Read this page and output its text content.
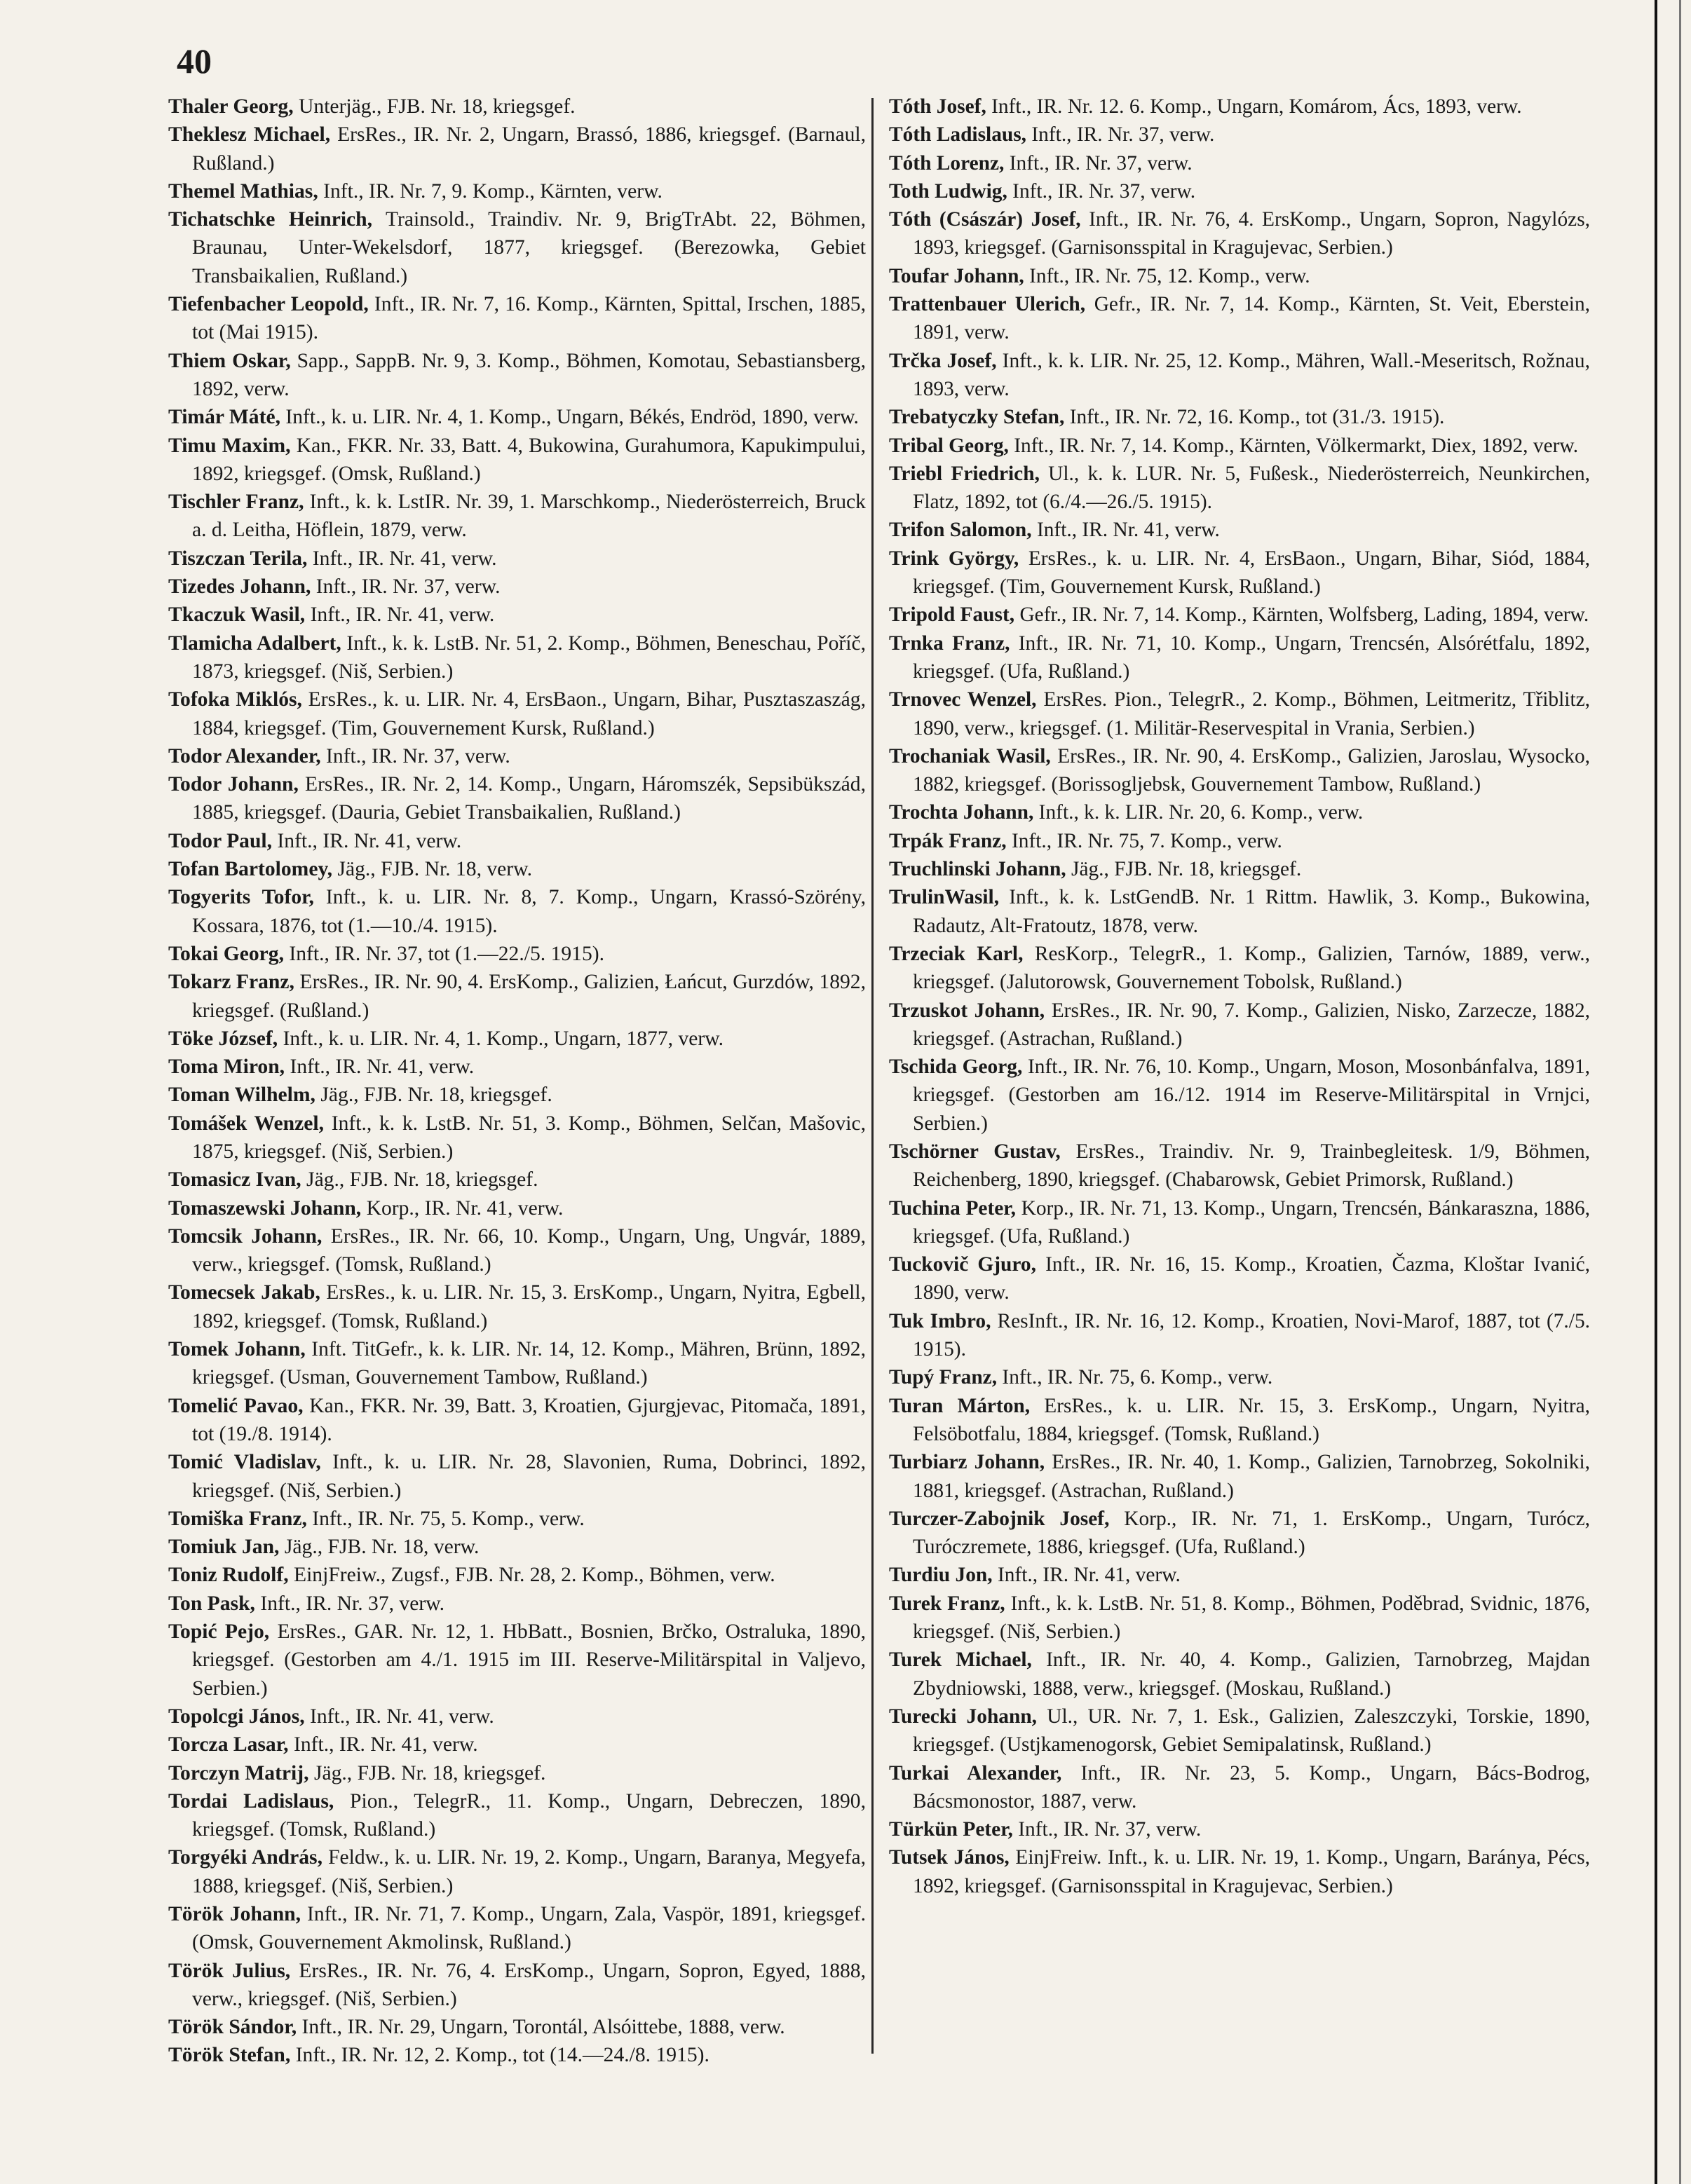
40
Thaler Georg, Unterjäg., FJB. Nr. 18, kriegsgef.
Theklesz Michael, ErsRes., IR. Nr. 2, Ungarn, Brassó, 1886, kriegsgef. (Barnaul, Rußland.)
Themel Mathias, Inft., IR. Nr. 7, 9. Komp., Kärnten, verw.
Tichatschke Heinrich, Trainsold., Traindiv. Nr. 9, BrigTrAbt. 22, Böhmen, Braunau, Unter-Wekelsdorf, 1877, kriegsgef. (Berezowka, Gebiet Transbaikalien, Rußland.)
Tiefenbacher Leopold, Inft., IR. Nr. 7, 16. Komp., Kärnten, Spittal, Irschen, 1885, tot (Mai 1915).
Thiem Oskar, Sapp., SappB. Nr. 9, 3. Komp., Böhmen, Komotau, Sebastiansberg, 1892, verw.
Timár Máté, Inft., k. u. LIR. Nr. 4, 1. Komp., Ungarn, Békés, Endröd, 1890, verw.
Timu Maxim, Kan., FKR. Nr. 33, Batt. 4, Bukowina, Gurahumora, Kapukimpului, 1892, kriegsgef. (Omsk, Rußland.)
Tischler Franz, Inft., k. k. LstIR. Nr. 39, 1. Marschkomp., Niederösterreich, Bruck a. d. Leitha, Höflein, 1879, verw.
Tiszczan Terila, Inft., IR. Nr. 41, verw.
Tizedes Johann, Inft., IR. Nr. 37, verw.
Tkaczuk Wasil, Inft., IR. Nr. 41, verw.
Tlamicha Adalbert, Inft., k. k. LstB. Nr. 51, 2. Komp., Böhmen, Beneschau, Poříč, 1873, kriegsgef. (Niš, Serbien.)
Tofoka Miklós, ErsRes., k. u. LIR. Nr. 4, ErsBaon., Ungarn, Bihar, Pusztaszaszág, 1884, kriegsgef. (Tim, Gouvernement Kursk, Rußland.)
Todor Alexander, Inft., IR. Nr. 37, verw.
Todor Johann, ErsRes., IR. Nr. 2, 14. Komp., Ungarn, Háromszék, Sepsibükszád, 1885, kriegsgef. (Dauria, Gebiet Transbaikalien, Rußland.)
Todor Paul, Inft., IR. Nr. 41, verw.
Tofan Bartolomey, Jäg., FJB. Nr. 18, verw.
Togyerits Tofor, Inft., k. u. LIR. Nr. 8, 7. Komp., Ungarn, Krassó-Szörény, Kossara, 1876, tot (1.—10./4. 1915).
Tokai Georg, Inft., IR. Nr. 37, tot (1.—22./5. 1915).
Tokarz Franz, ErsRes., IR. Nr. 90, 4. ErsKomp., Galizien, Łańcut, Gurzdów, 1892, kriegsgef. (Rußland.)
Töke József, Inft., k. u. LIR. Nr. 4, 1. Komp., Ungarn, 1877, verw.
Toma Miron, Inft., IR. Nr. 41, verw.
Toman Wilhelm, Jäg., FJB. Nr. 18, kriegsgef.
Tomášek Wenzel, Inft., k. k. LstB. Nr. 51, 3. Komp., Böhmen, Selčan, Mašovic, 1875, kriegsgef. (Niš, Serbien.)
Tomasicz Ivan, Jäg., FJB. Nr. 18, kriegsgef.
Tomaszewski Johann, Korp., IR. Nr. 41, verw.
Tomcsik Johann, ErsRes., IR. Nr. 66, 10. Komp., Ungarn, Ung, Ungvár, 1889, verw., kriegsgef. (Tomsk, Rußland.)
Tomecsek Jakab, ErsRes., k. u. LIR. Nr. 15, 3. ErsKomp., Ungarn, Nyitra, Egbell, 1892, kriegsgef. (Tomsk, Rußland.)
Tomek Johann, Inft. TitGefr., k. k. LIR. Nr. 14, 12. Komp., Mähren, Brünn, 1892, kriegsgef. (Usman, Gouvernement Tambow, Rußland.)
Tomelić Pavao, Kan., FKR. Nr. 39, Batt. 3, Kroatien, Gjurgjevac, Pitomača, 1891, tot (19./8. 1914).
Tomić Vladislav, Inft., k. u. LIR. Nr. 28, Slavonien, Ruma, Dobrinci, 1892, kriegsgef. (Niš, Serbien.)
Tomiška Franz, Inft., IR. Nr. 75, 5. Komp., verw.
Tomiuk Jan, Jäg., FJB. Nr. 18, verw.
Toniz Rudolf, EinjFreiw., Zugsf., FJB. Nr. 28, 2. Komp., Böhmen, verw.
Ton Pask, Inft., IR. Nr. 37, verw.
Topić Pejo, ErsRes., GAR. Nr. 12, 1. HbBatt., Bosnien, Brčko, Ostraluka, 1890, kriegsgef. (Gestorben am 4./1. 1915 im III. Reserve-Militärspital in Valjevo, Serbien.)
Topolcgi János, Inft., IR. Nr. 41, verw.
Torcza Lasar, Inft., IR. Nr. 41, verw.
Torczyn Matrij, Jäg., FJB. Nr. 18, kriegsgef.
Tordai Ladislaus, Pion., TelegrR., 11. Komp., Ungarn, Debreczen, 1890, kriegsgef. (Tomsk, Rußland.)
Torgyéki András, Feldw., k. u. LIR. Nr. 19, 2. Komp., Ungarn, Baranya, Megyefa, 1888, kriegsgef. (Niš, Serbien.)
Török Johann, Inft., IR. Nr. 71, 7. Komp., Ungarn, Zala, Vaspör, 1891, kriegsgef. (Omsk, Gouvernement Akmolinsk, Rußland.)
Török Julius, ErsRes., IR. Nr. 76, 4. ErsKomp., Ungarn, Sopron, Egyed, 1888, verw., kriegsgef. (Niš, Serbien.)
Török Sándor, Inft., IR. Nr. 29, Ungarn, Torontál, Alsóittebe, 1888, verw.
Török Stefan, Inft., IR. Nr. 12, 2. Komp., tot (14.—24./8. 1915).
Tóth Josef, Inft., IR. Nr. 12. 6. Komp., Ungarn, Komárom, Ács, 1893, verw.
Tóth Ladislaus, Inft., IR. Nr. 37, verw.
Tóth Lorenz, Inft., IR. Nr. 37, verw.
Toth Ludwig, Inft., IR. Nr. 37, verw.
Tóth (Császár) Josef, Inft., IR. Nr. 76, 4. ErsKomp., Ungarn, Sopron, Nagylózs, 1893, kriegsgef. (Garnisonsspital in Kragujevac, Serbien.)
Toufar Johann, Inft., IR. Nr. 75, 12. Komp., verw.
Trattenbauer Ulerich, Gefr., IR. Nr. 7, 14. Komp., Kärnten, St. Veit, Eberstein, 1891, verw.
Trčka Josef, Inft., k. k. LIR. Nr. 25, 12. Komp., Mähren, Wall.-Meseritsch, Rožnau, 1893, verw.
Trebatyczky Stefan, Inft., IR. Nr. 72, 16. Komp., tot (31./3. 1915).
Tribal Georg, Inft., IR. Nr. 7, 14. Komp., Kärnten, Völkermarkt, Diex, 1892, verw.
Triebl Friedrich, Ul., k. k. LUR. Nr. 5, Fußesk., Niederösterreich, Neunkirchen, Flatz, 1892, tot (6./4.—26./5. 1915).
Trifon Salomon, Inft., IR. Nr. 41, verw.
Trink György, ErsRes., k. u. LIR. Nr. 4, ErsBaon., Ungarn, Bihar, Siód, 1884, kriegsgef. (Tim, Gouvernement Kursk, Rußland.)
Tripold Faust, Gefr., IR. Nr. 7, 14. Komp., Kärnten, Wolfsberg, Lading, 1894, verw.
Trnka Franz, Inft., IR. Nr. 71, 10. Komp., Ungarn, Trencsén, Alsórétfalu, 1892, kriegsgef. (Ufa, Rußland.)
Trnovec Wenzel, ErsRes. Pion., TelegrR., 2. Komp., Böhmen, Leitmeritz, Třiblitz, 1890, verw., kriegsgef. (1. Militär-Reservespital in Vrania, Serbien.)
Trochaniak Wasil, ErsRes., IR. Nr. 90, 4. ErsKomp., Galizien, Jaroslau, Wysocko, 1882, kriegsgef. (Borissoglјebsk, Gouvernement Tambow, Rußland.)
Trochta Johann, Inft., k. k. LIR. Nr. 20, 6. Komp., verw.
Trpák Franz, Inft., IR. Nr. 75, 7. Komp., verw.
Truchlinski Johann, Jäg., FJB. Nr. 18, kriegsgef.
TrulinWasil, Inft., k. k. LstGendB. Nr. 1 Rittm. Hawlik, 3. Komp., Bukowina, Radautz, Alt-Fratoutz, 1878, verw.
Trzeciak Karl, ResKorp., TelegrR., 1. Komp., Galizien, Tarnów, 1889, verw., kriegsgef. (Jalutorowsk, Gouvernement Tobolsk, Rußland.)
Trzuskot Johann, ErsRes., IR. Nr. 90, 7. Komp., Galizien, Nisko, Zarzecze, 1882, kriegsgef. (Astrachan, Rußland.)
Tschida Georg, Inft., IR. Nr. 76, 10. Komp., Ungarn, Moson, Mosonbánfalva, 1891, kriegsgef. (Gestorben am 16./12. 1914 im Reserve-Militärspital in Vrnjci, Serbien.)
Tschörner Gustav, ErsRes., Traindiv. Nr. 9, Trainbegleitesk. 1/9, Böhmen, Reichenberg, 1890, kriegsgef. (Chabarowsk, Gebiet Primorsk, Rußland.)
Tuchina Peter, Korp., IR. Nr. 71, 13. Komp., Ungarn, Trencsén, Bánkaraszna, 1886, kriegsgef. (Ufa, Rußland.)
Tuckovič Gjuro, Inft., IR. Nr. 16, 15. Komp., Kroatien, Čazma, Kloštar Ivanić, 1890, verw.
Tuk Imbro, ResInft., IR. Nr. 16, 12. Komp., Kroatien, Novi-Marof, 1887, tot (7./5. 1915).
Tupý Franz, Inft., IR. Nr. 75, 6. Komp., verw.
Turan Márton, ErsRes., k. u. LIR. Nr. 15, 3. ErsKomp., Ungarn, Nyitra, Felsöbotfalu, 1884, kriegsgef. (Tomsk, Rußland.)
Turbiarz Johann, ErsRes., IR. Nr. 40, 1. Komp., Galizien, Tarnobrzeg, Sokolniki, 1881, kriegsgef. (Astrachan, Rußland.)
Turczer-Zabojnik Josef, Korp., IR. Nr. 71, 1. ErsKomp., Ungarn, Turócz, Turóczremete, 1886, kriegsgef. (Ufa, Rußland.)
Turdiu Jon, Inft., IR. Nr. 41, verw.
Turek Franz, Inft., k. k. LstB. Nr. 51, 8. Komp., Böhmen, Poděbrad, Svidnic, 1876, kriegsgef. (Niš, Serbien.)
Turek Michael, Inft., IR. Nr. 40, 4. Komp., Galizien, Tarnobrzeg, Majdan Zbydniowski, 1888, verw., kriegsgef. (Moskau, Rußland.)
Turecki Johann, Ul., UR. Nr. 7, 1. Esk., Galizien, Zaleszczyki, Torskie, 1890, kriegsgef. (Ustjkamenogorsk, Gebiet Semipalatinsk, Rußland.)
Turkai Alexander, Inft., IR. Nr. 23, 5. Komp., Ungarn, Bács-Bodrog, Bácsmonostor, 1887, verw.
Türkün Peter, Inft., IR. Nr. 37, verw.
Tutsek János, EinjFreiw. Inft., k. u. LIR. Nr. 19, 1. Komp., Ungarn, Baránya, Pécs, 1892, kriegsgef. (Garnisonsspital in Kragujevac, Serbien.)
